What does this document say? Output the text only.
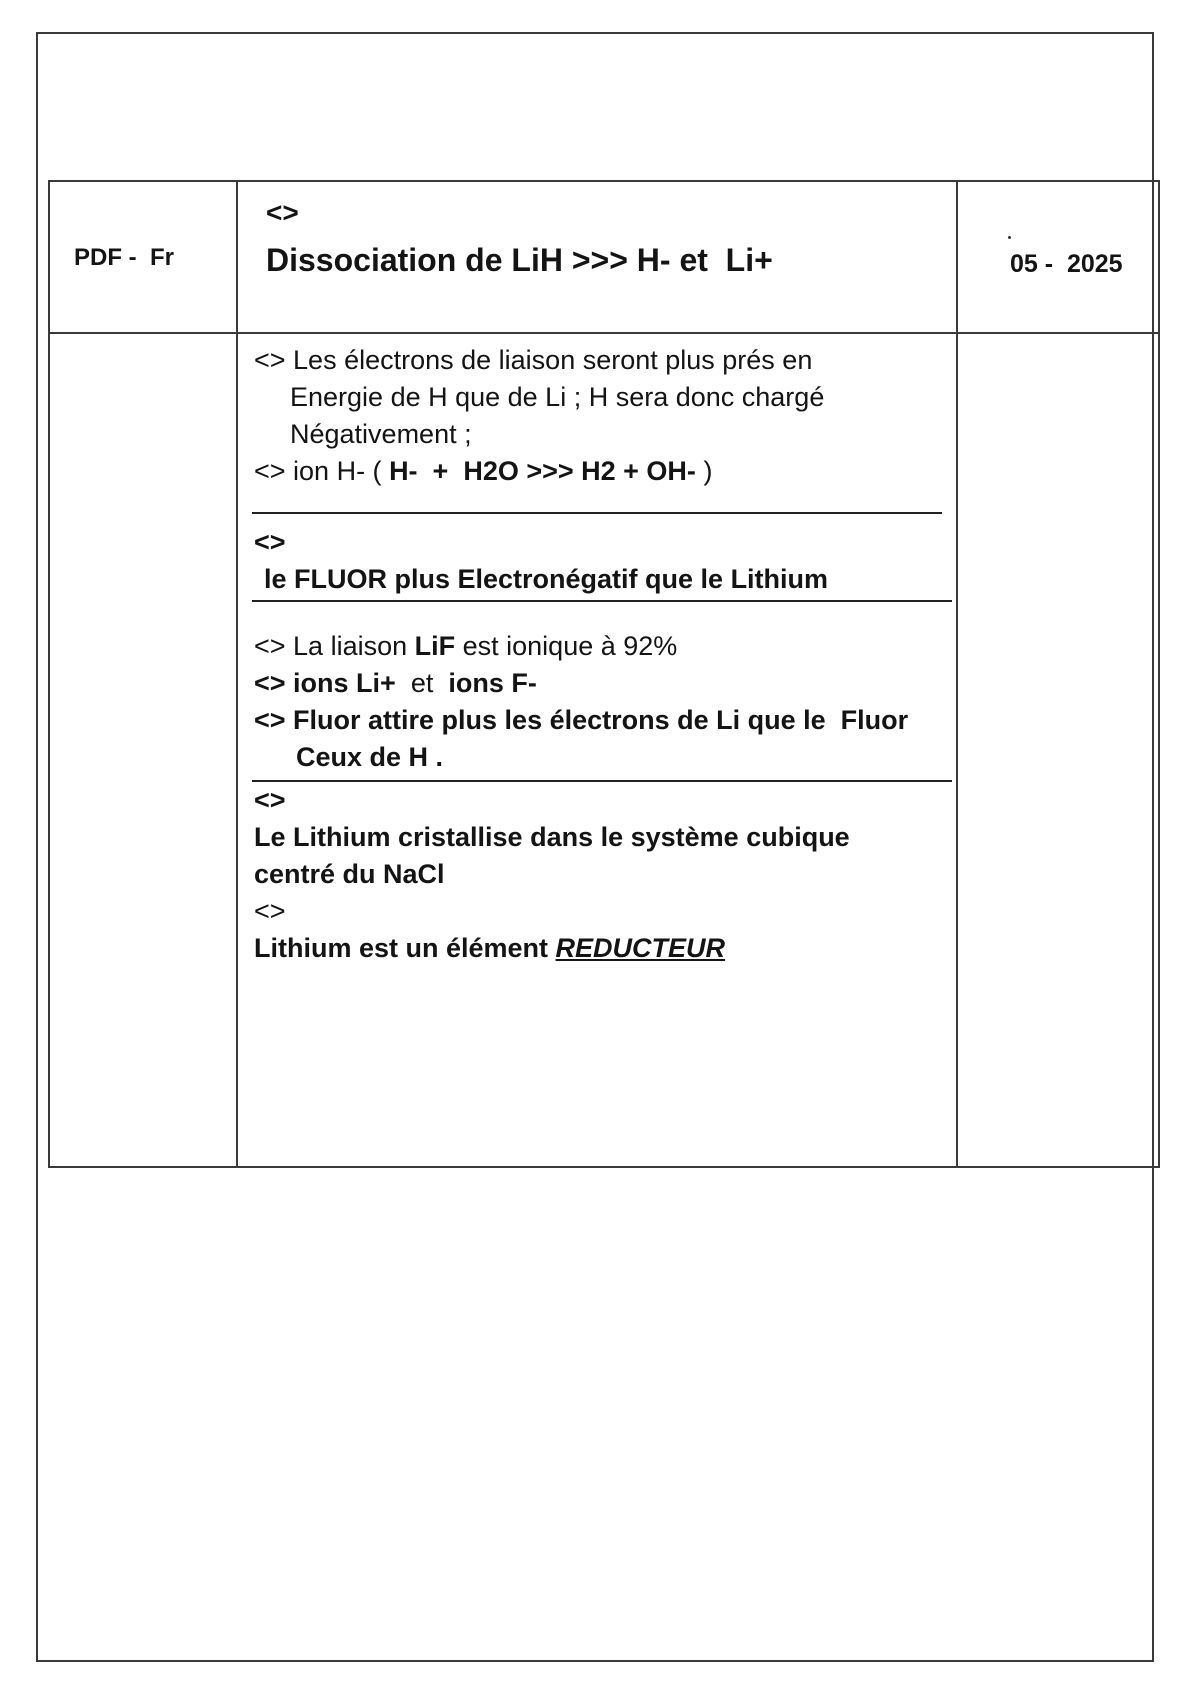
PDF -  Fr	05 -  2025
<>
Dissociation de LiH >>> H- et  Li+
<> Les électrons de liaison seront plus prés en
Energie de H que de Li ; H sera donc chargé
Négativement ;
<> ion H- ( H-  +  H2O >>> H2 + OH- )
<>
le FLUOR plus Electronégatif que le Lithium
<> La liaison LiF est ionique à 92%
<> ions Li+  et  ions F-
<> Fluor attire plus les électrons de Li que le  Fluor
Ceux de H .
<>
Le Lithium cristallise dans le système cubique
centré du NaCl
<>
Lithium est un élément REDUCTEUR
